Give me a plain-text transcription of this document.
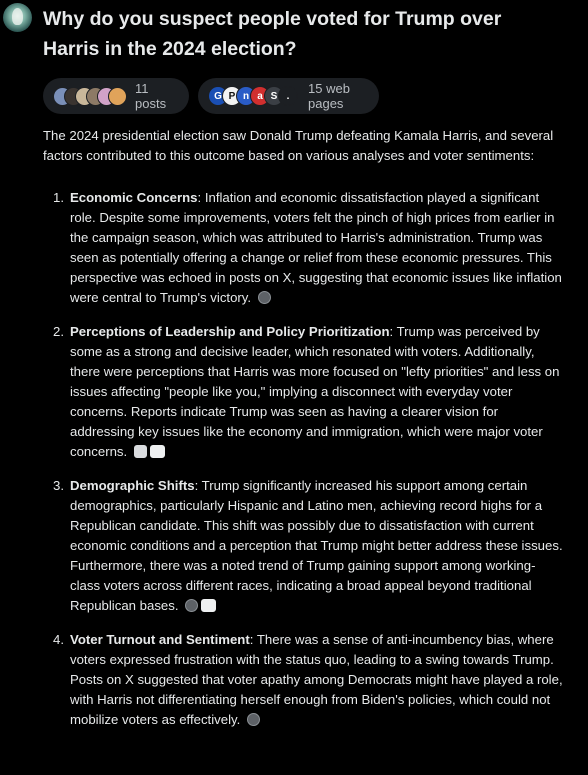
Why do you suspect people voted for Trump over Harris in the 2024 election?
11 posts	G P n a S .	15 web pages

The 2024 presidential election saw Donald Trump defeating Kamala Harris, and several factors contributed to this outcome based on various analyses and voter sentiments:

1. Economic Concerns: Inflation and economic dissatisfaction played a significant role. Despite some improvements, voters felt the pinch of high prices from earlier in the campaign season, which was attributed to Harris's administration. Trump was seen as potentially offering a change or relief from these economic pressures. This perspective was echoed in posts on X, suggesting that economic issues like inflation were central to Trump's victory.
2. Perceptions of Leadership and Policy Prioritization: Trump was perceived by some as a strong and decisive leader, which resonated with voters. Additionally, there were perceptions that Harris was more focused on "lefty priorities" and less on issues affecting "people like you," implying a disconnect with everyday voter concerns. Reports indicate Trump was seen as having a clearer vision for addressing key issues like the economy and immigration, which were major voter concerns.
3. Demographic Shifts: Trump significantly increased his support among certain demographics, particularly Hispanic and Latino men, achieving record highs for a Republican candidate. This shift was possibly due to dissatisfaction with current economic conditions and a perception that Trump might better address these issues. Furthermore, there was a noted trend of Trump gaining support among working-class voters across different races, indicating a broad appeal beyond traditional Republican bases.
4. Voter Turnout and Sentiment: There was a sense of anti-incumbency bias, where voters expressed frustration with the status quo, leading to a swing towards Trump. Posts on X suggested that voter apathy among Democrats might have played a role, with Harris not differentiating herself enough from Biden's policies, which could not mobilize voters as effectively.
